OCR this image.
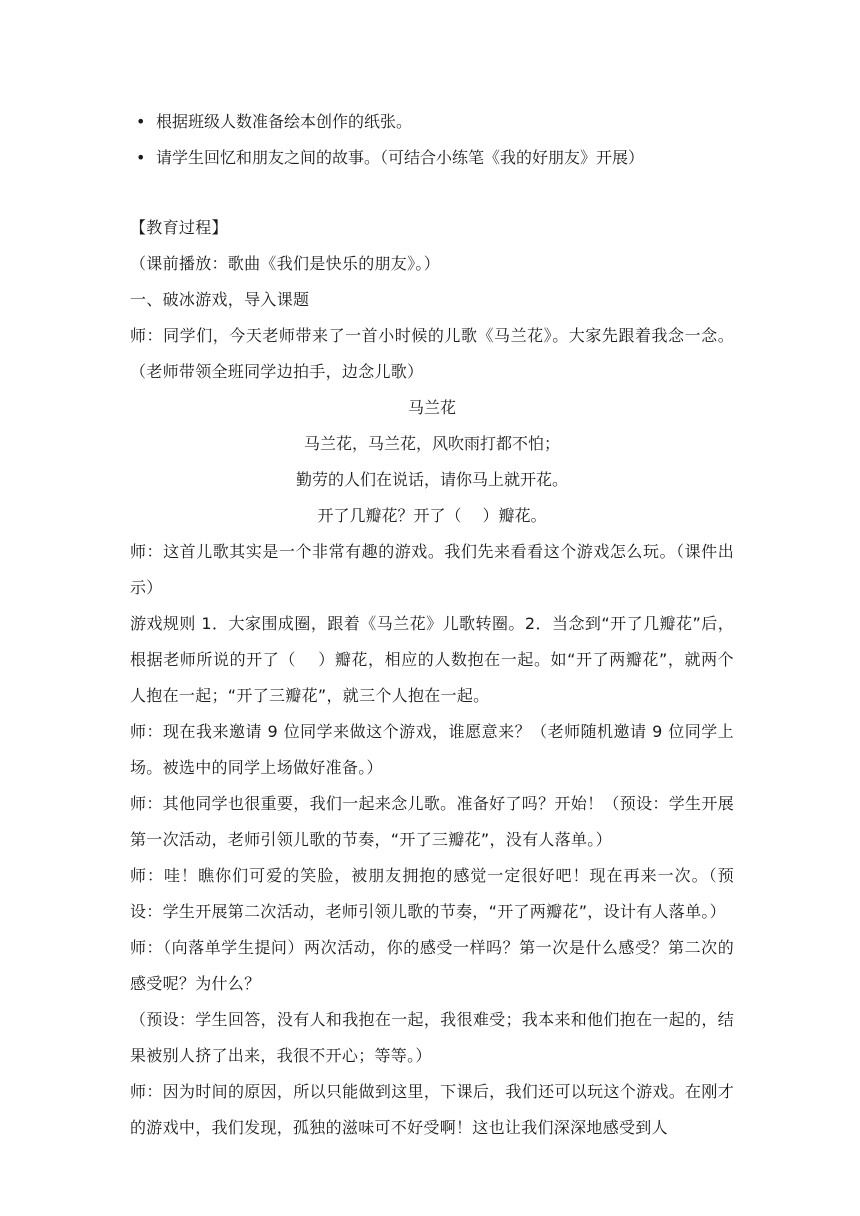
• 根据班级人数准备绘本创作的纸张。
• 请学生回忆和朋友之间的故事。（可结合小练笔《我的好朋友》开展）

【教育过程】

（课前播放：歌曲《我们是快乐的朋友》。）

一、破冰游戏，导入课题

师：同学们，今天老师带来了一首小时候的儿歌《马兰花》。大家先跟着我念一念。（老师带领全班同学边拍手，边念儿歌）

马兰花

马兰花，马兰花，风吹雨打都不怕；

勤劳的人们在说话，请你马上就开花。

开了几瓣花？开了（　 ）瓣花。

师：这首儿歌其实是一个非常有趣的游戏。我们先来看看这个游戏怎么玩。（课件出示）

游戏规则 1．大家围成圈，跟着《马兰花》儿歌转圈。2．当念到“开了几瓣花”后，根据老师所说的开了（　 ）瓣花，相应的人数抱在一起。如“开了两瓣花”，就两个人抱在一起；“开了三瓣花”，就三个人抱在一起。

师：现在我来邀请 9 位同学来做这个游戏，谁愿意来？（老师随机邀请 9 位同学上场。被选中的同学上场做好准备。）

师：其他同学也很重要，我们一起来念儿歌。准备好了吗？开始！（预设：学生开展第一次活动，老师引领儿歌的节奏，“开了三瓣花”，没有人落单。）

师：哇！瞧你们可爱的笑脸，被朋友拥抱的感觉一定很好吧！现在再来一次。（预设：学生开展第二次活动，老师引领儿歌的节奏，“开了两瓣花”，设计有人落单。）

师：（向落单学生提问）两次活动，你的感受一样吗？第一次是什么感受？第二次的感受呢？为什么？

（预设：学生回答，没有人和我抱在一起，我很难受；我本来和他们抱在一起的，结果被别人挤了出来，我很不开心；等等。）

师：因为时间的原因，所以只能做到这里，下课后，我们还可以玩这个游戏。在刚才的游戏中，我们发现，孤独的滋味可不好受啊！这也让我们深深地感受到人
